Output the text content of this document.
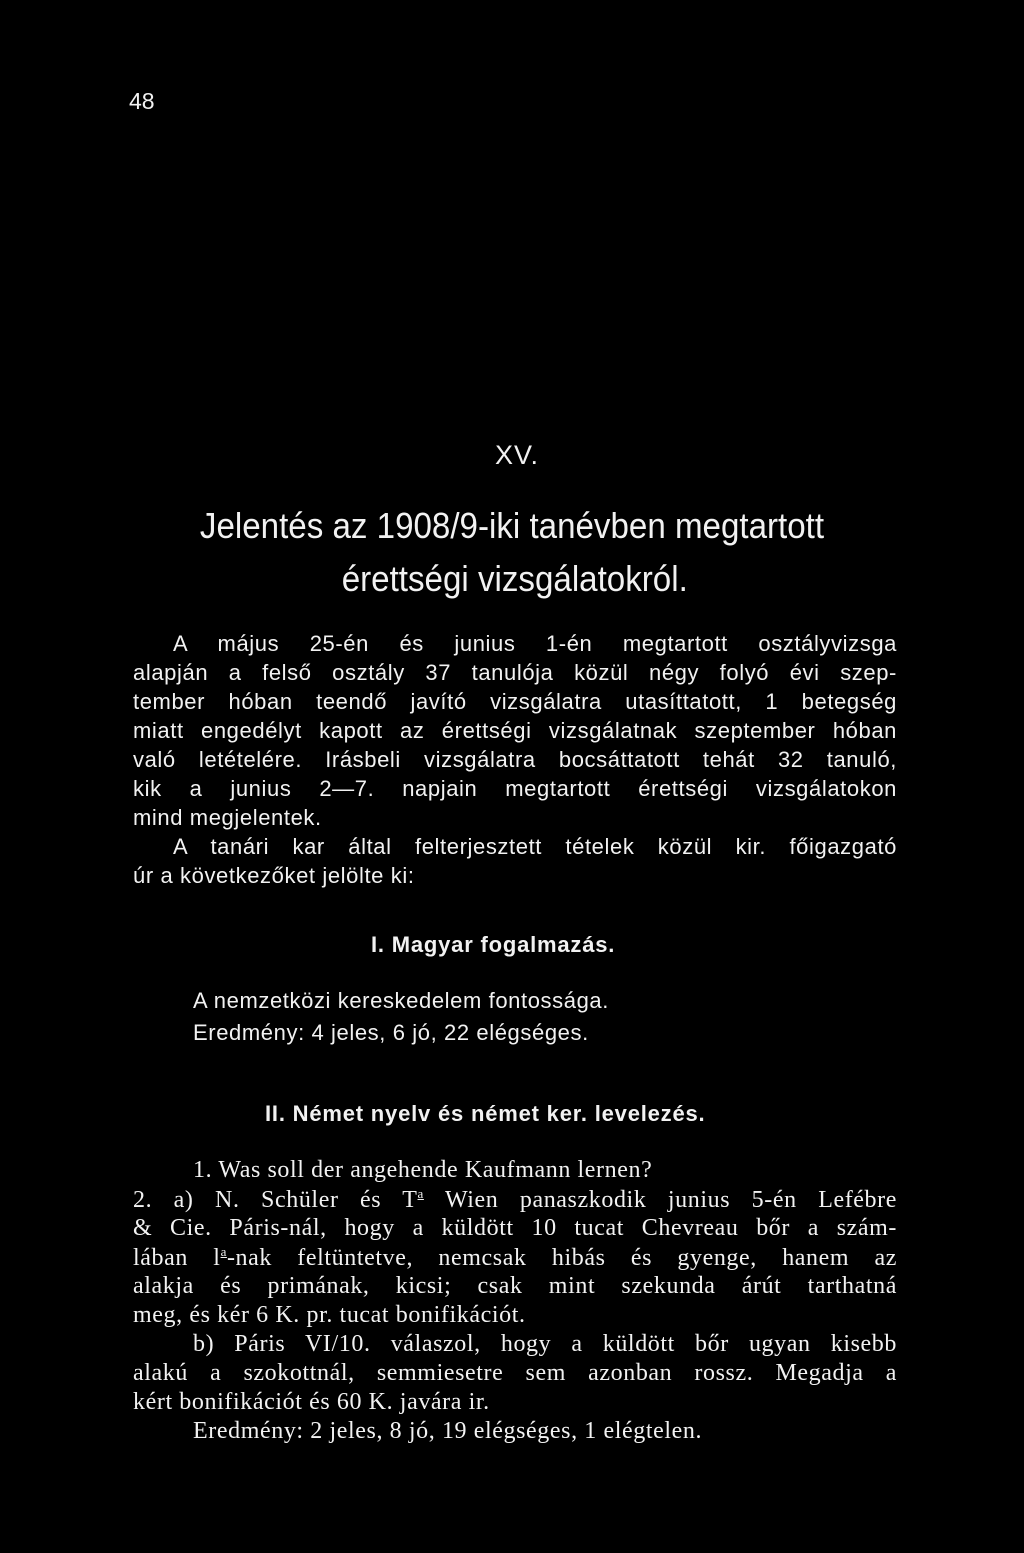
48
XV.
Jelentés az 1908/9-iki tanévben megtartott
érettségi vizsgálatokról.
A május 25-én és junius 1-én megtartott osztályvizsga
alapján a felső osztály 37 tanulója közül négy folyó évi szep-
tember hóban teendő javító vizsgálatra utasíttatott, 1 betegség
miatt engedélyt kapott az érettségi vizsgálatnak szeptember hóban
való letételére. Irásbeli vizsgálatra bocsáttatott tehát 32 tanuló,
kik a junius 2—7. napjain megtartott érettségi vizsgálatokon
mind megjelentek.
A tanári kar által felterjesztett tételek közül kir. főigazgató
úr a következőket jelölte ki:
I. Magyar fogalmazás.
A nemzetközi kereskedelem fontossága.
Eredmény: 4 jeles, 6 jó, 22 elégséges.
II. Német nyelv és német ker. levelezés.
1. Was soll der angehende Kaufmann lernen?
2. a) N. Schüler és $T^a$ Wien panaszkodik junius 5-én Lefébre
& Cie. Páris-nál, hogy a küldött 10 tucat Chevreau bőr a szám-
lában $l^a$-nak feltüntetve, nemcsak hibás és gyenge, hanem az
alakja és primának, kicsi; csak mint szekunda árút tarthatná
meg, és kér 6 K. pr. tucat bonifikációt.
b) Páris VI/10. válaszol, hogy a küldött bőr ugyan kisebb
alakú a szokottnál, semmiesetre sem azonban rossz. Megadja a
kért bonifikációt és 60 K. javára ir.
Eredmény: 2 jeles, 8 jó, 19 elégséges, 1 elégtelen.
